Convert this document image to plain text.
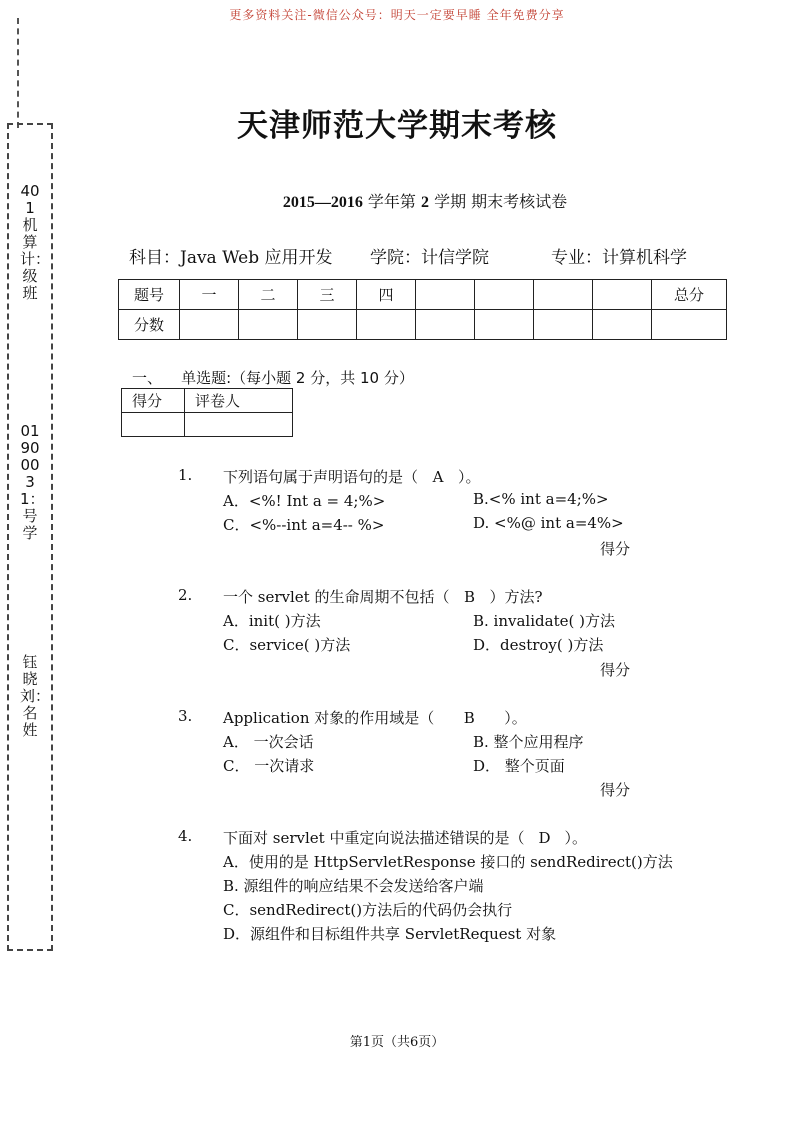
更多资料关注-微信公众号：明天一定要早睡 全年免费分享
401机算计：级班
01900031：号学
钰晓刘：名姓
天津师范大学期末考核
2015—2016 学年第 2 学期 期末考核试卷
科目：Java Web 应用开发 学院：计信学院	专业：计算机科学
题号	一	二	三	四					总分
分数									
一、 单选题:（每小题 2 分，共 10 分）
得分	评卷人

1. 下列语句属于声明语句的是（ A ）。
A．<%! Int a = 4;%>	B.<% int a=4;%>
C．<%--int a=4-- %>	D. <%@ int a=4%>
得分
2. 一个 servlet 的生命周期不包括（ B ）方法?
A．init( )方法	B. invalidate( )方法
C．service( )方法	D．destroy( )方法
得分
3. Application 对象的作用域是（ B ）。
A． 一次会话	B. 整个应用程序
C． 一次请求	D． 整个页面
得分
4. 下面对 servlet 中重定向说法描述错误的是（ D ）。
A．使用的是 HttpServletResponse 接口的 sendRedirect()方法
B. 源组件的响应结果不会发送给客户端
C．sendRedirect()方法后的代码仍会执行
D．源组件和目标组件共享 ServletRequest 对象
第1页（共6页）
